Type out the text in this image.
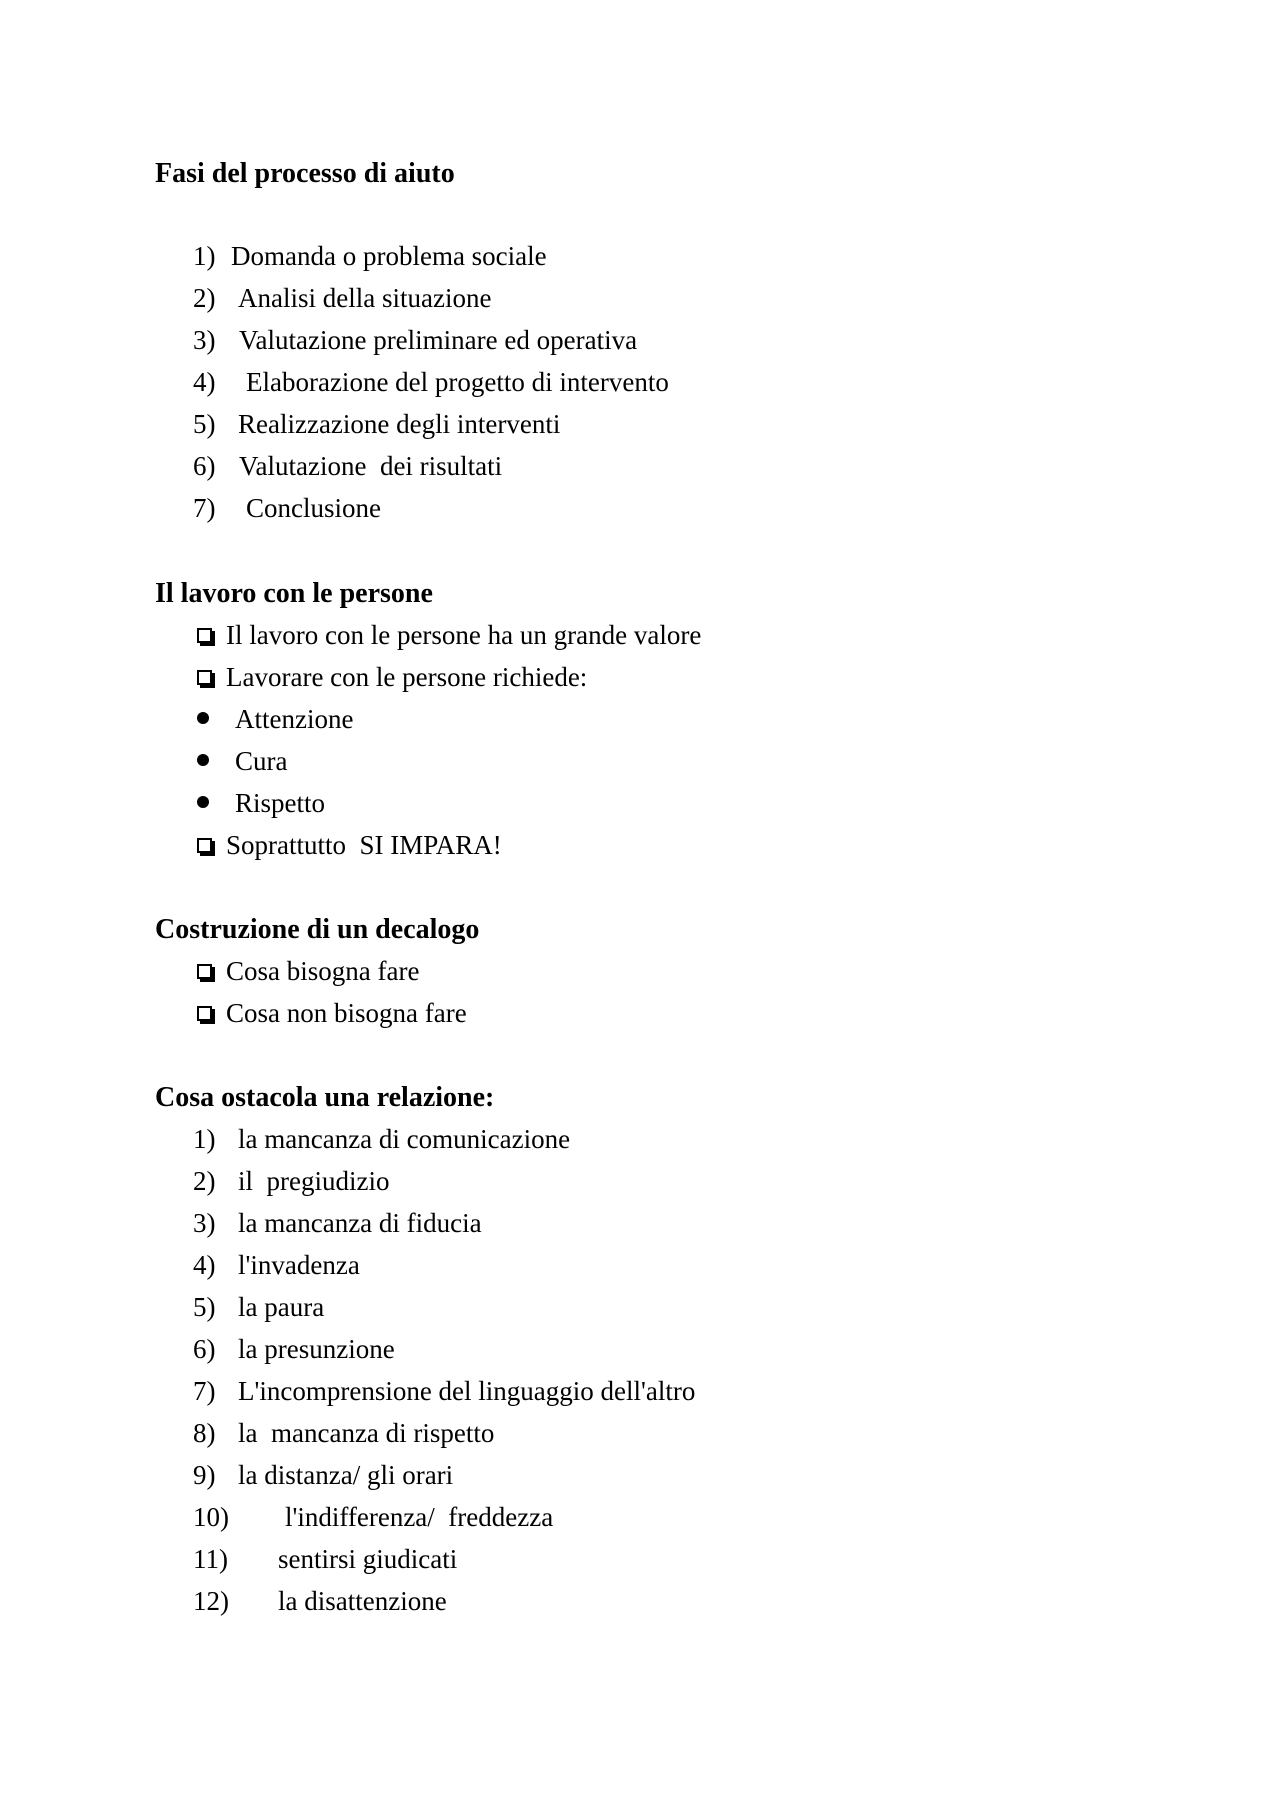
Fasi del processo di aiuto
1) Domanda o problema sociale
2) Analisi della situazione
3) Valutazione preliminare ed operativa
4)	Elaborazione del progetto di intervento
5) Realizzazione degli interventi
6) Valutazione  dei risultati
7)	Conclusione
Il lavoro con le persone
Il lavoro con le persone ha un grande valore
Lavorare con le persone richiede:
Attenzione
Cura
Rispetto
Soprattutto  SI IMPARA!
Costruzione di un decalogo
Cosa bisogna fare
Cosa non bisogna fare
Cosa ostacola una relazione:
1) la mancanza di comunicazione
2) il  pregiudizio
3) la mancanza di fiducia
4) l'invadenza
5) la paura
6) la presunzione
7) L'incomprensione del linguaggio dell'altro
8) la  mancanza di rispetto
9) la distanza/ gli orari
10)	l'indifferenza/  freddezza
11)	sentirsi giudicati
12)	la disattenzione
